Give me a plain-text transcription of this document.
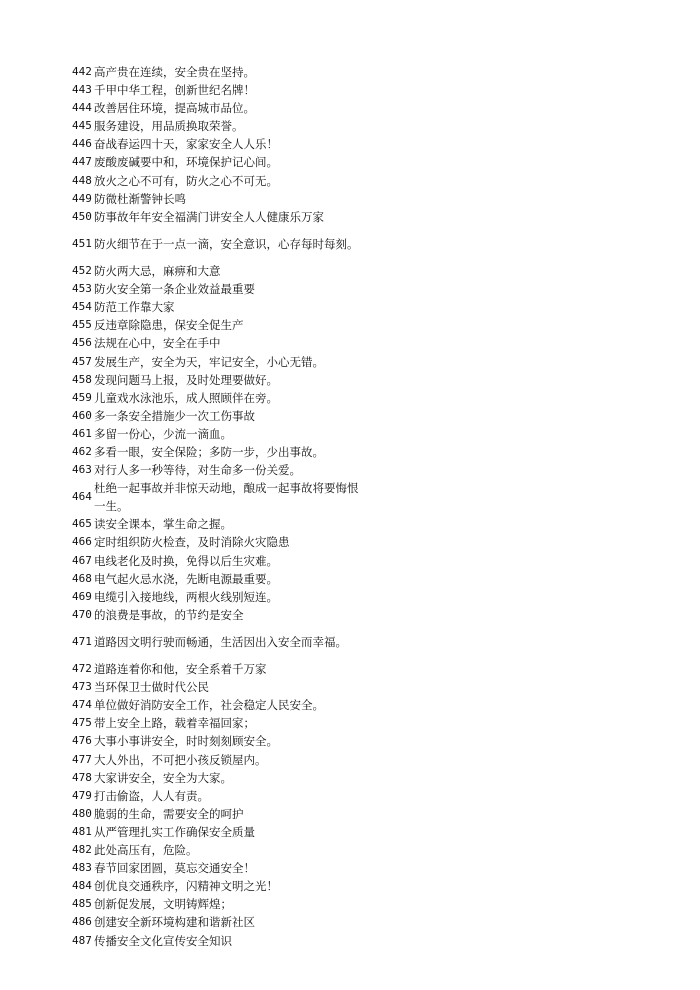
442 高产贵在连续，安全贵在坚持。
443 千甲中华工程，创新世纪名牌！
444 改善居住环境，提高城市品位。
445 服务建设，用品质换取荣誉。
446 奋战春运四十天，家家安全人人乐！
447 废酸废碱要中和，环境保护记心间。
448 放火之心不可有，防火之心不可无。
449 防微杜渐警钟长鸣
450 防事故年年安全福满门讲安全人人健康乐万家
451 防火细节在于一点一滴，安全意识，心存每时每刻。
452 防火两大忌，麻痹和大意
453 防火安全第一条企业效益最重要
454 防范工作靠大家
455 反违章除隐患，保安全促生产
456 法规在心中，安全在手中
457 发展生产，安全为天，牢记安全，小心无错。
458 发现问题马上报，及时处理要做好。
459 儿童戏水泳池乐，成人照顾伴在旁。
460 多一条安全措施少一次工伤事故
461 多留一份心，少流一滴血。
462 多看一眼，安全保险；多防一步，少出事故。
463 对行人多一秒等待，对生命多一份关爱。
464
杜绝一起事故并非惊天动地，酿成一起事故将要悔恨一生。
465 读安全课本，掌生命之握。
466 定时组织防火检查，及时消除火灾隐患
467 电线老化及时换，免得以后生灾难。
468 电气起火忌水浇，先断电源最重要。
469 电缆引入接地线，两根火线别短连。
470 的浪费是事故，的节约是安全
471 道路因文明行驶而畅通，生活因出入安全而幸福。
472 道路连着你和他，安全系着千万家
473 当环保卫士做时代公民
474 单位做好消防安全工作，社会稳定人民安全。
475 带上安全上路，载着幸福回家；
476 大事小事讲安全，时时刻刻顾安全。
477 大人外出，不可把小孩反锁屋内。
478 大家讲安全，安全为大家。
479 打击偷盗，人人有责。
480 脆弱的生命，需要安全的呵护
481 从严管理扎实工作确保安全质量
482 此处高压有，危险。
483 春节回家团圆，莫忘交通安全！
484 创优良交通秩序，闪精神文明之光！
485 创新促发展，文明铸辉煌；
486 创建安全新环境构建和谐新社区
487 传播安全文化宣传安全知识
